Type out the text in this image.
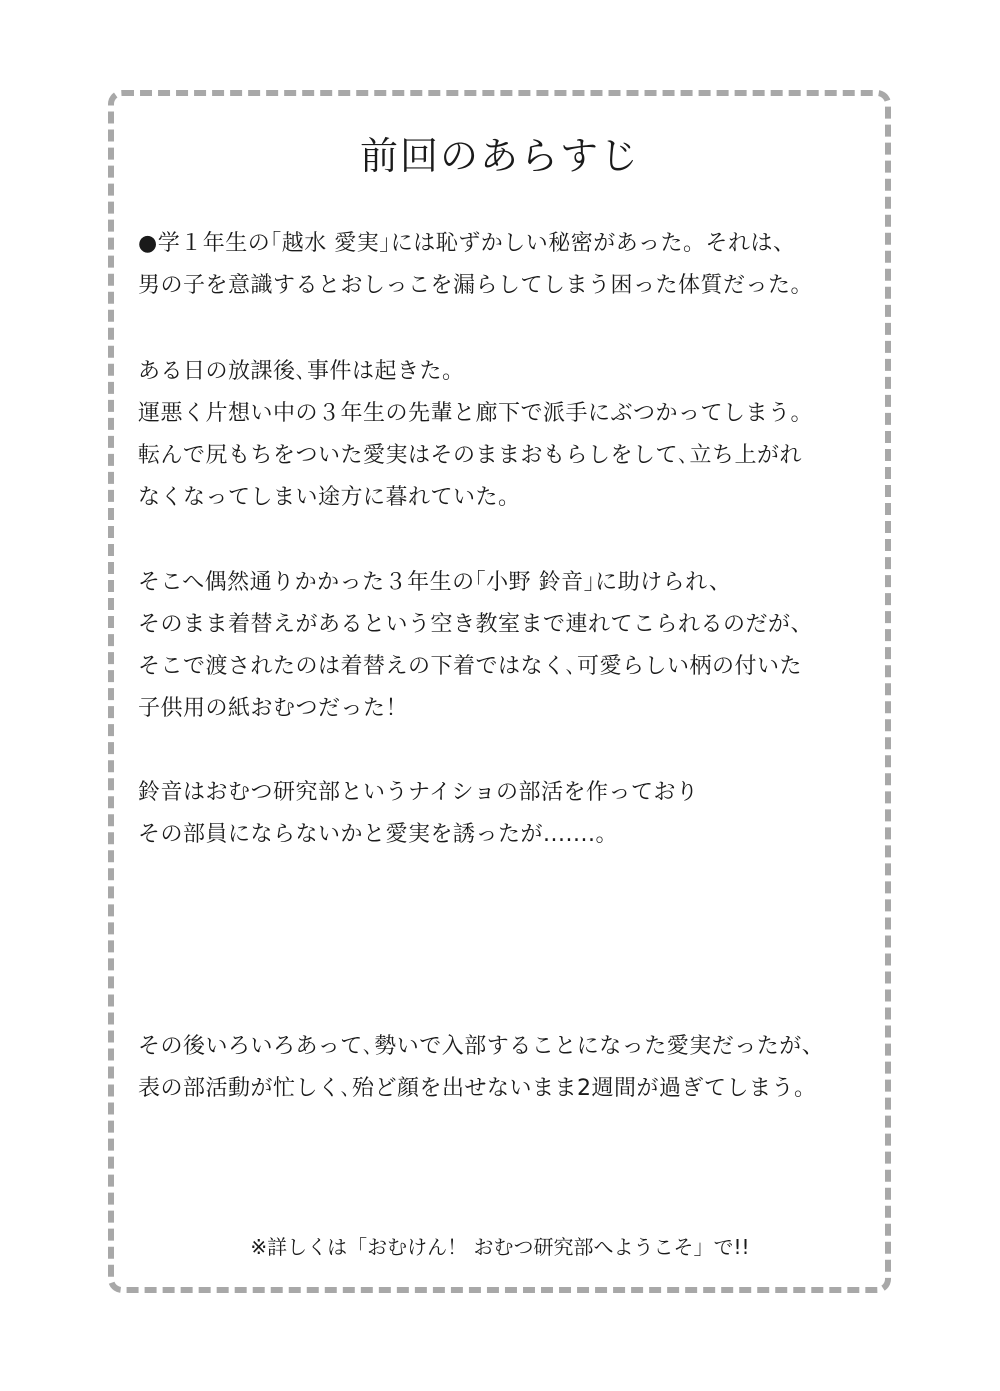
前回のあらすじ

●学１年生の｢越水 愛実｣には恥ずかしい秘密があった。それは、

男の子を意識するとおしっこを漏らしてしまう困った体質だった。

ある日の放課後､事件は起きた。

運悪く片想い中の３年生の先輩と廊下で派手にぶつかってしまう。

転んで尻もちをついた愛実はそのままおもらしをして､立ち上がれ

なくなってしまい途方に暮れていた。

そこへ偶然通りかかった３年生の｢小野 鈴音｣に助けられ、

そのまま着替えがあるという空き教室まで連れてこられるのだが、

そこで渡されたのは着替えの下着ではなく､可愛らしい柄の付いた

子供用の紙おむつだった！

鈴音はおむつ研究部というナイショの部活を作っており

その部員にならないかと愛実を誘ったが.......。

その後いろいろあって､勢いで入部することになった愛実だったが、

表の部活動が忙しく､殆ど顔を出せないまま2週間が過ぎてしまう。

※詳しくは「おむけん！ おむつ研究部へようこそ」で!!
